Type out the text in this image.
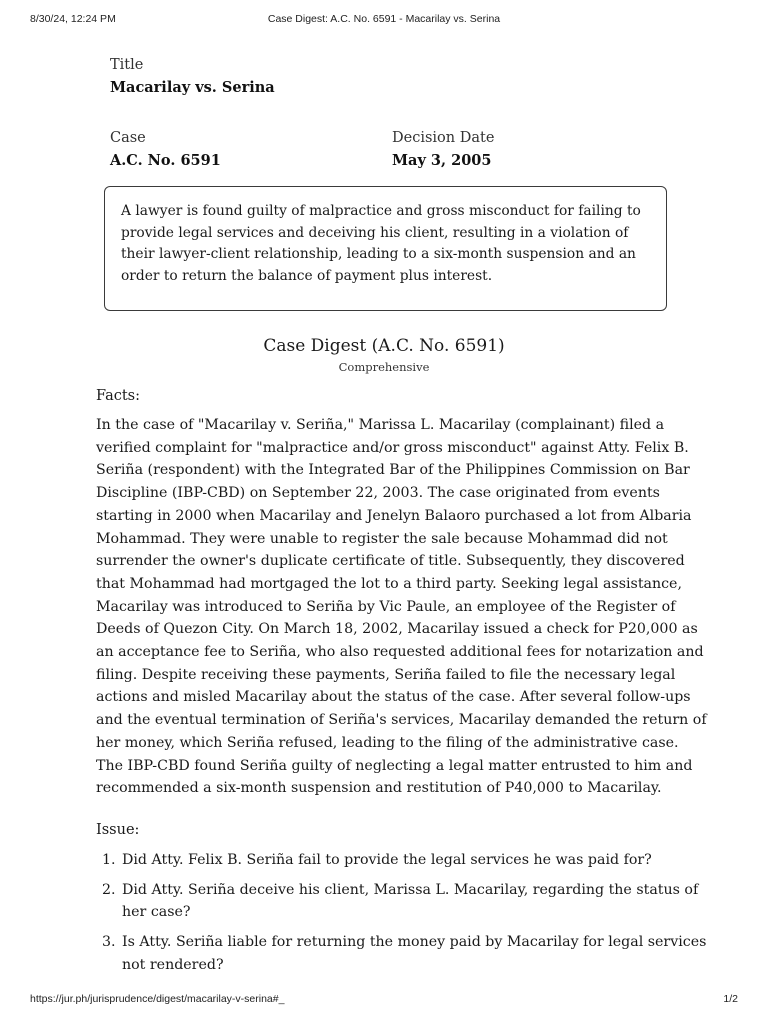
8/30/24, 12:24 PM	Case Digest: A.C. No. 6591 - Macarilay vs. Serina
Title
Macarilay vs. Serina
Case
A.C. No. 6591
Decision Date
May 3, 2005
A lawyer is found guilty of malpractice and gross misconduct for failing to provide legal services and deceiving his client, resulting in a violation of their lawyer-client relationship, leading to a six-month suspension and an order to return the balance of payment plus interest.
Case Digest (A.C. No. 6591)
Comprehensive
Facts:

In the case of "Macarilay v. Seriña," Marissa L. Macarilay (complainant) filed a verified complaint for "malpractice and/or gross misconduct" against Atty. Felix B. Seriña (respondent) with the Integrated Bar of the Philippines Commission on Bar Discipline (IBP-CBD) on September 22, 2003. The case originated from events starting in 2000 when Macarilay and Jenelyn Balaoro purchased a lot from Albaria Mohammad. They were unable to register the sale because Mohammad did not surrender the owner's duplicate certificate of title. Subsequently, they discovered that Mohammad had mortgaged the lot to a third party. Seeking legal assistance, Macarilay was introduced to Seriña by Vic Paule, an employee of the Register of Deeds of Quezon City. On March 18, 2002, Macarilay issued a check for P20,000 as an acceptance fee to Seriña, who also requested additional fees for notarization and filing. Despite receiving these payments, Seriña failed to file the necessary legal actions and misled Macarilay about the status of the case. After several follow-ups and the eventual termination of Seriña's services, Macarilay demanded the return of her money, which Seriña refused, leading to the filing of the administrative case. The IBP-CBD found Seriña guilty of neglecting a legal matter entrusted to him and recommended a six-month suspension and restitution of P40,000 to Macarilay.

Issue:
1. Did Atty. Felix B. Seriña fail to provide the legal services he was paid for?
2. Did Atty. Seriña deceive his client, Marissa L. Macarilay, regarding the status of her case?
3. Is Atty. Seriña liable for returning the money paid by Macarilay for legal services not rendered?
https://jur.ph/jurisprudence/digest/macarilay-v-serina#_	1/2
